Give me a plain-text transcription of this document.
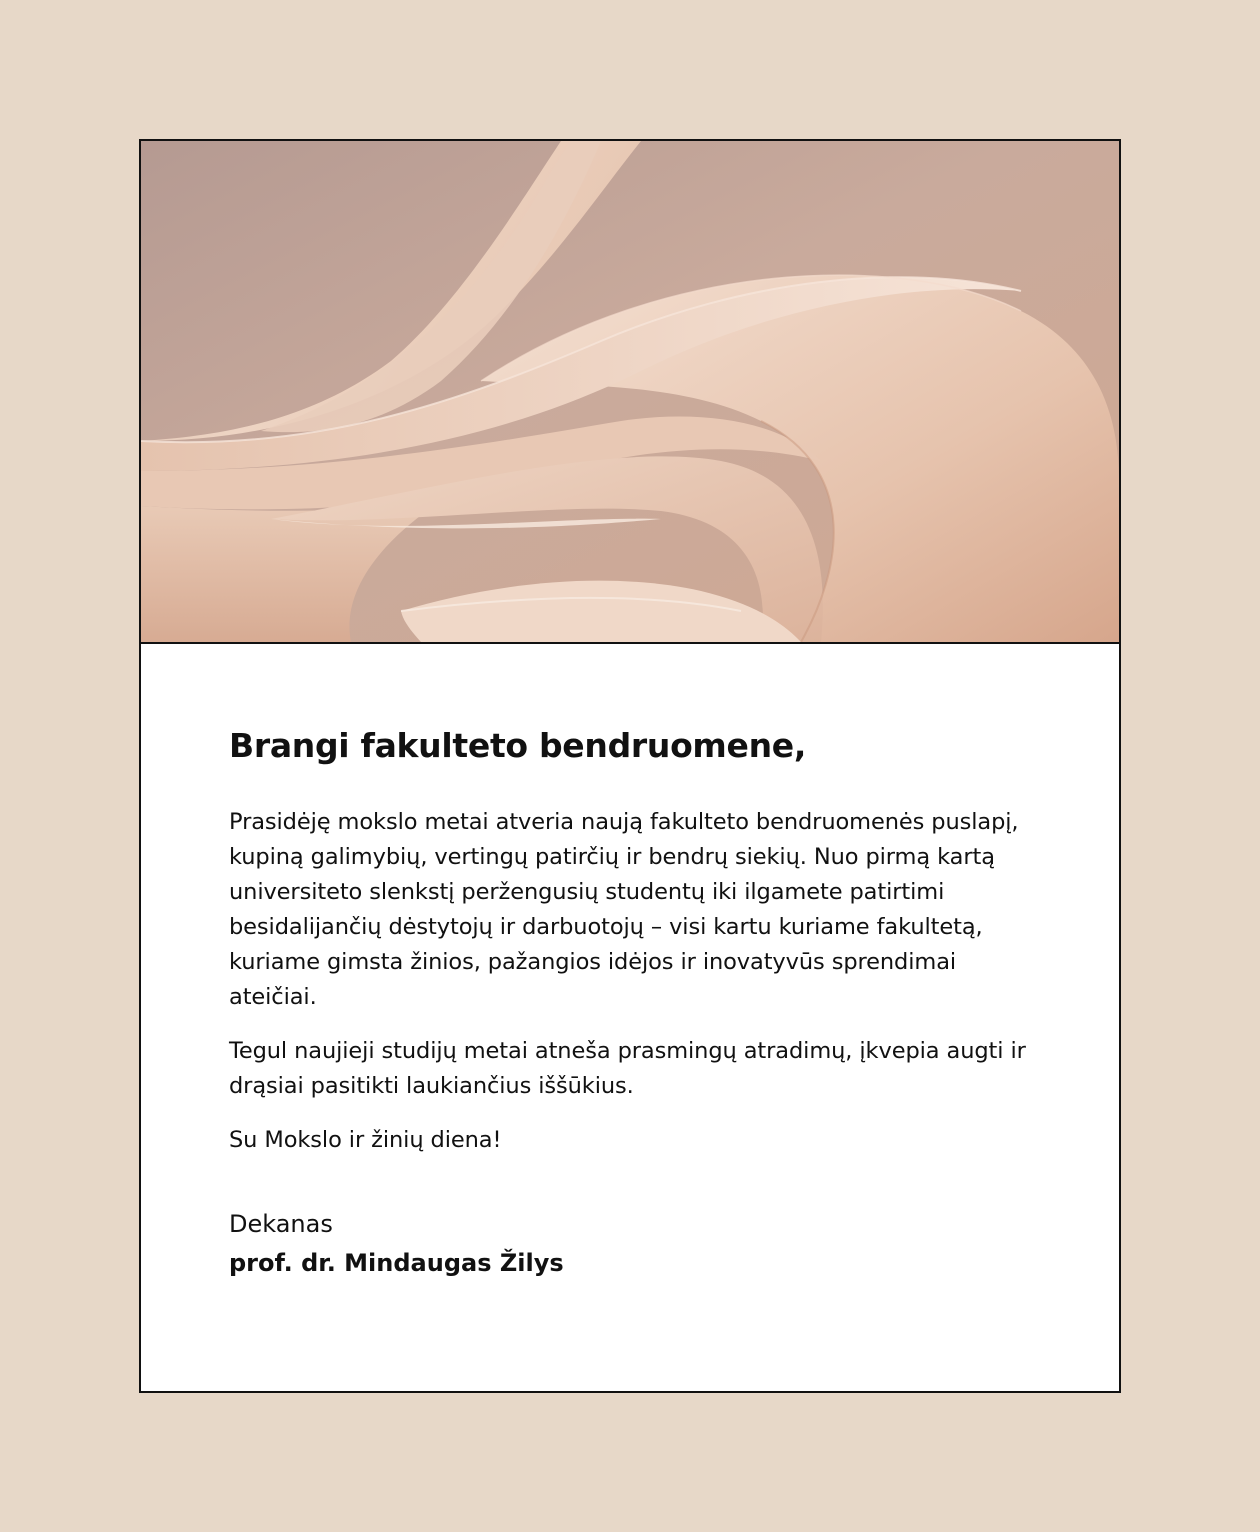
Brangi fakulteto bendruomene,

Prasidėję mokslo metai atveria naują fakulteto bendruomenės puslapį, kupiną galimybių, vertingų patirčių ir bendrų siekių. Nuo pirmą kartą universiteto slenkstį peržengusių studentų iki ilgamete patirtimi besidalijančių dėstytojų ir darbuotojų – visi kartu kuriame fakultetą, kuriame gimsta žinios, pažangios idėjos ir inovatyvūs sprendimai ateičiai.

Tegul naujieji studijų metai atneša prasmingų atradimų, įkvepia augti ir drąsiai pasitikti laukiančius iššūkius.

Su Mokslo ir žinių diena!

Dekanas
prof. dr. Mindaugas Žilys
